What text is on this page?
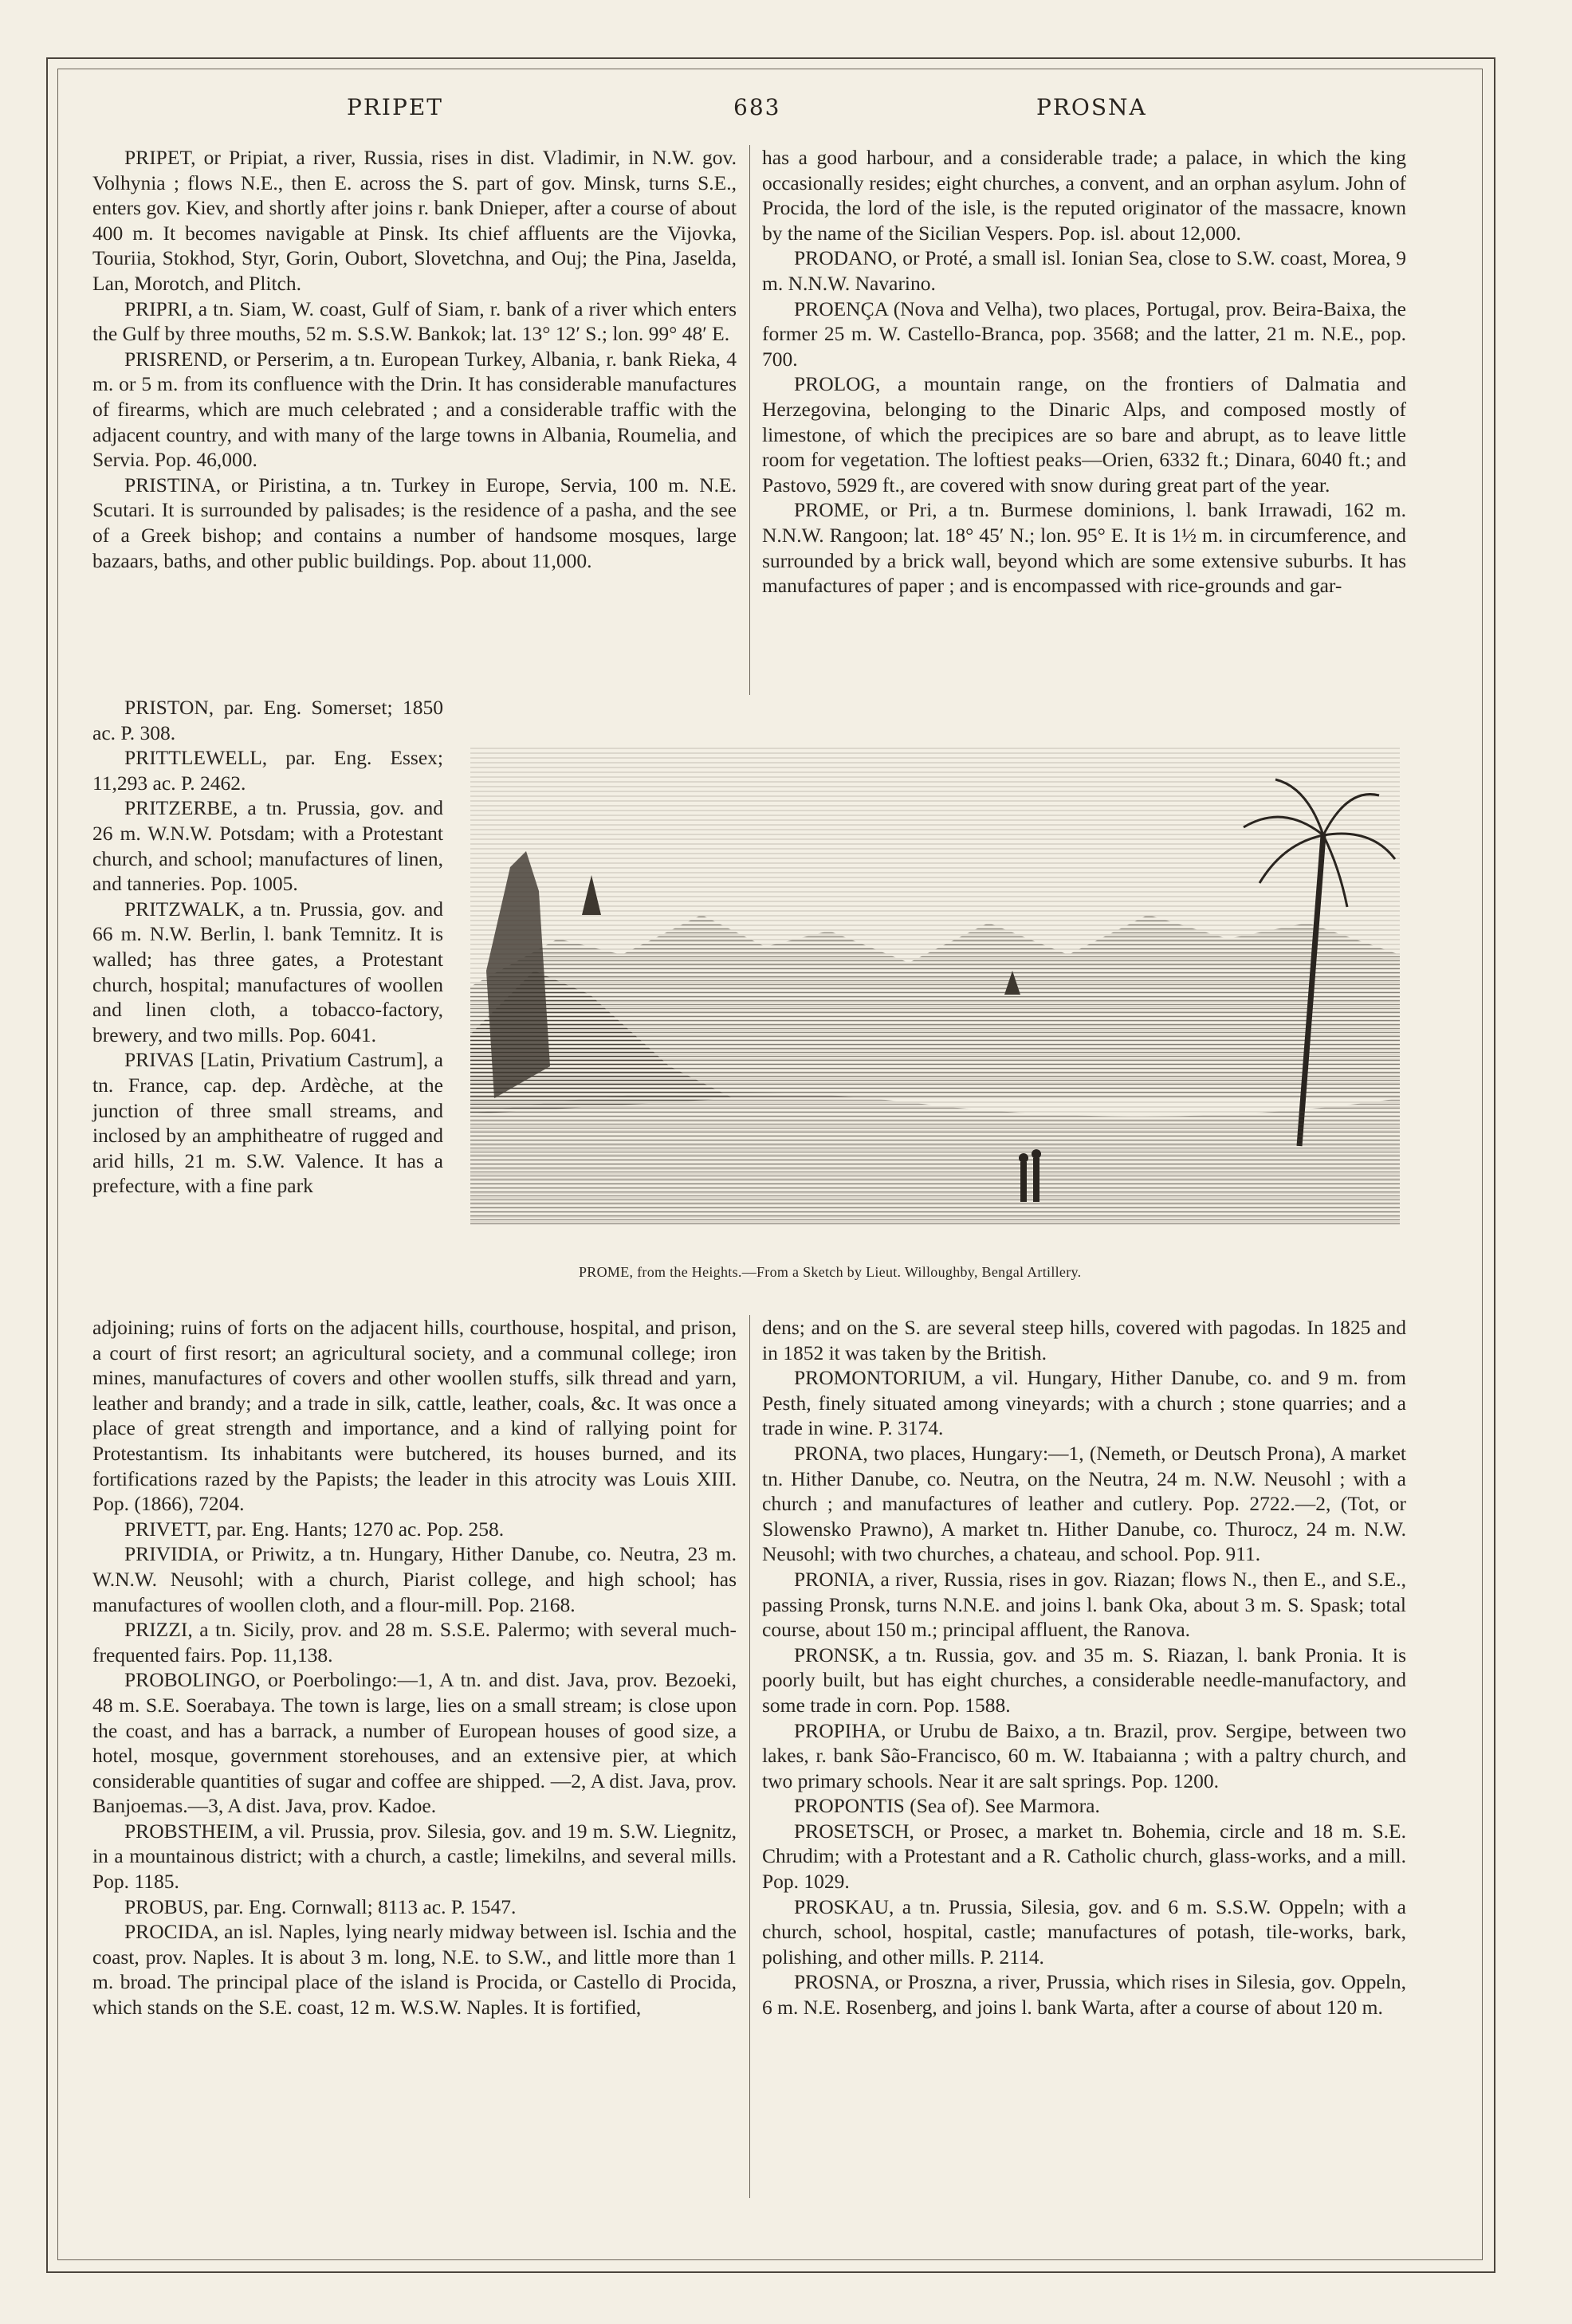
PRIPET	683	PROSNA

PRIPET, or Pripiat, a river, Russia, rises in dist. Vladimir, in N.W. gov. Volhynia ; flows N.E., then E. across the S. part of gov. Minsk, turns S.E., enters gov. Kiev, and shortly after joins r. bank Dnieper, after a course of about 400 m. It becomes navigable at Pinsk. Its chief affluents are the Vijovka, Touriia, Stokhod, Styr, Gorin, Oubort, Slovetchna, and Ouj; the Pina, Jaselda, Lan, Morotch, and Plitch.

PRIPRI, a tn. Siam, W. coast, Gulf of Siam, r. bank of a river which enters the Gulf by three mouths, 52 m. S.S.W. Bankok; lat. 13° 12′ S.; lon. 99° 48′ E.

PRISREND, or Perserim, a tn. European Turkey, Albania, r. bank Rieka, 4 m. or 5 m. from its confluence with the Drin. It has considerable manufactures of firearms, which are much celebrated ; and a considerable traffic with the adjacent country, and with many of the large towns in Albania, Roumelia, and Servia. Pop. 46,000.

PRISTINA, or Piristina, a tn. Turkey in Europe, Servia, 100 m. N.E. Scutari. It is surrounded by palisades; is the residence of a pasha, and the see of a Greek bishop; and contains a number of handsome mosques, large bazaars, baths, and other public buildings. Pop. about 11,000.

has a good harbour, and a considerable trade; a palace, in which the king occasionally resides; eight churches, a convent, and an orphan asylum. John of Procida, the lord of the isle, is the reputed originator of the massacre, known by the name of the Sicilian Vespers. Pop. isl. about 12,000.

PRODANO, or Proté, a small isl. Ionian Sea, close to S.W. coast, Morea, 9 m. N.N.W. Navarino.

PROENÇA (Nova and Velha), two places, Portugal, prov. Beira-Baixa, the former 25 m. W. Castello-Branca, pop. 3568; and the latter, 21 m. N.E., pop. 700.

PROLOG, a mountain range, on the frontiers of Dalmatia and Herzegovina, belonging to the Dinaric Alps, and composed mostly of limestone, of which the precipices are so bare and abrupt, as to leave little room for vegetation. The loftiest peaks—Orien, 6332 ft.; Dinara, 6040 ft.; and Pastovo, 5929 ft., are covered with snow during great part of the year.

PROME, or Pri, a tn. Burmese dominions, l. bank Irrawadi, 162 m. N.N.W. Rangoon; lat. 18° 45′ N.; lon. 95° E. It is 1½ m. in circumference, and surrounded by a brick wall, beyond which are some extensive suburbs. It has manufactures of paper ; and is encompassed with rice-grounds and gar-

PRISTON, par. Eng. Somerset; 1850 ac. P. 308.

PRITTLEWELL, par. Eng. Essex; 11,293 ac. P. 2462.

PRITZERBE, a tn. Prussia, gov. and 26 m. W.N.W. Potsdam; with a Protestant church, and school; manufactures of linen, and tanneries. Pop. 1005.

PRITZWALK, a tn. Prussia, gov. and 66 m. N.W. Berlin, l. bank Temnitz. It is walled; has three gates, a Protestant church, hospital; manufactures of woollen and linen cloth, a tobacco-factory, brewery, and two mills. Pop. 6041.

PRIVAS [Latin, Privatium Castrum], a tn. France, cap. dep. Ardèche, at the junction of three small streams, and inclosed by an amphitheatre of rugged and arid hills, 21 m. S.W. Valence. It has a prefecture, with a fine park

PROME, from the Heights.—From a Sketch by Lieut. Willoughby, Bengal Artillery.

adjoining; ruins of forts on the adjacent hills, courthouse, hospital, and prison, a court of first resort; an agricultural society, and a communal college; iron mines, manufactures of covers and other woollen stuffs, silk thread and yarn, leather and brandy; and a trade in silk, cattle, leather, coals, &c. It was once a place of great strength and importance, and a kind of rallying point for Protestantism. Its inhabitants were butchered, its houses burned, and its fortifications razed by the Papists; the leader in this atrocity was Louis XIII. Pop. (1866), 7204.

PRIVETT, par. Eng. Hants; 1270 ac. Pop. 258.

PRIVIDIA, or Priwitz, a tn. Hungary, Hither Danube, co. Neutra, 23 m. W.N.W. Neusohl; with a church, Piarist college, and high school; has manufactures of woollen cloth, and a flour-mill. Pop. 2168.

PRIZZI, a tn. Sicily, prov. and 28 m. S.S.E. Palermo; with several much-frequented fairs. Pop. 11,138.

PROBOLINGO, or Poerbolingo:—1, A tn. and dist. Java, prov. Bezoeki, 48 m. S.E. Soerabaya. The town is large, lies on a small stream; is close upon the coast, and has a barrack, a number of European houses of good size, a hotel, mosque, government storehouses, and an extensive pier, at which considerable quantities of sugar and coffee are shipped. —2, A dist. Java, prov. Banjoemas.—3, A dist. Java, prov. Kadoe.

PROBSTHEIM, a vil. Prussia, prov. Silesia, gov. and 19 m. S.W. Liegnitz, in a mountainous district; with a church, a castle; limekilns, and several mills. Pop. 1185.

PROBUS, par. Eng. Cornwall; 8113 ac. P. 1547.

PROCIDA, an isl. Naples, lying nearly midway between isl. Ischia and the coast, prov. Naples. It is about 3 m. long, N.E. to S.W., and little more than 1 m. broad. The principal place of the island is Procida, or Castello di Procida, which stands on the S.E. coast, 12 m. W.S.W. Naples. It is fortified,

dens; and on the S. are several steep hills, covered with pagodas. In 1825 and in 1852 it was taken by the British.

PROMONTORIUM, a vil. Hungary, Hither Danube, co. and 9 m. from Pesth, finely situated among vineyards; with a church ; stone quarries; and a trade in wine. P. 3174.

PRONA, two places, Hungary:—1, (Nemeth, or Deutsch Prona), A market tn. Hither Danube, co. Neutra, on the Neutra, 24 m. N.W. Neusohl ; with a church ; and manufactures of leather and cutlery. Pop. 2722.—2, (Tot, or Slowensko Prawno), A market tn. Hither Danube, co. Thurocz, 24 m. N.W. Neusohl; with two churches, a chateau, and school. Pop. 911.

PRONIA, a river, Russia, rises in gov. Riazan; flows N., then E., and S.E., passing Pronsk, turns N.N.E. and joins l. bank Oka, about 3 m. S. Spask; total course, about 150 m.; principal affluent, the Ranova.

PRONSK, a tn. Russia, gov. and 35 m. S. Riazan, l. bank Pronia. It is poorly built, but has eight churches, a considerable needle-manufactory, and some trade in corn. Pop. 1588.

PROPIHA, or Urubu de Baixo, a tn. Brazil, prov. Sergipe, between two lakes, r. bank São-Francisco, 60 m. W. Itabaianna ; with a paltry church, and two primary schools. Near it are salt springs. Pop. 1200.

PROPONTIS (Sea of). See Marmora.

PROSETSCH, or Prosec, a market tn. Bohemia, circle and 18 m. S.E. Chrudim; with a Protestant and a R. Catholic church, glass-works, and a mill. Pop. 1029.

PROSKAU, a tn. Prussia, Silesia, gov. and 6 m. S.S.W. Oppeln; with a church, school, hospital, castle; manufactures of potash, tile-works, bark, polishing, and other mills. P. 2114.

PROSNA, or Proszna, a river, Prussia, which rises in Silesia, gov. Oppeln, 6 m. N.E. Rosenberg, and joins l. bank Warta, after a course of about 120 m.
